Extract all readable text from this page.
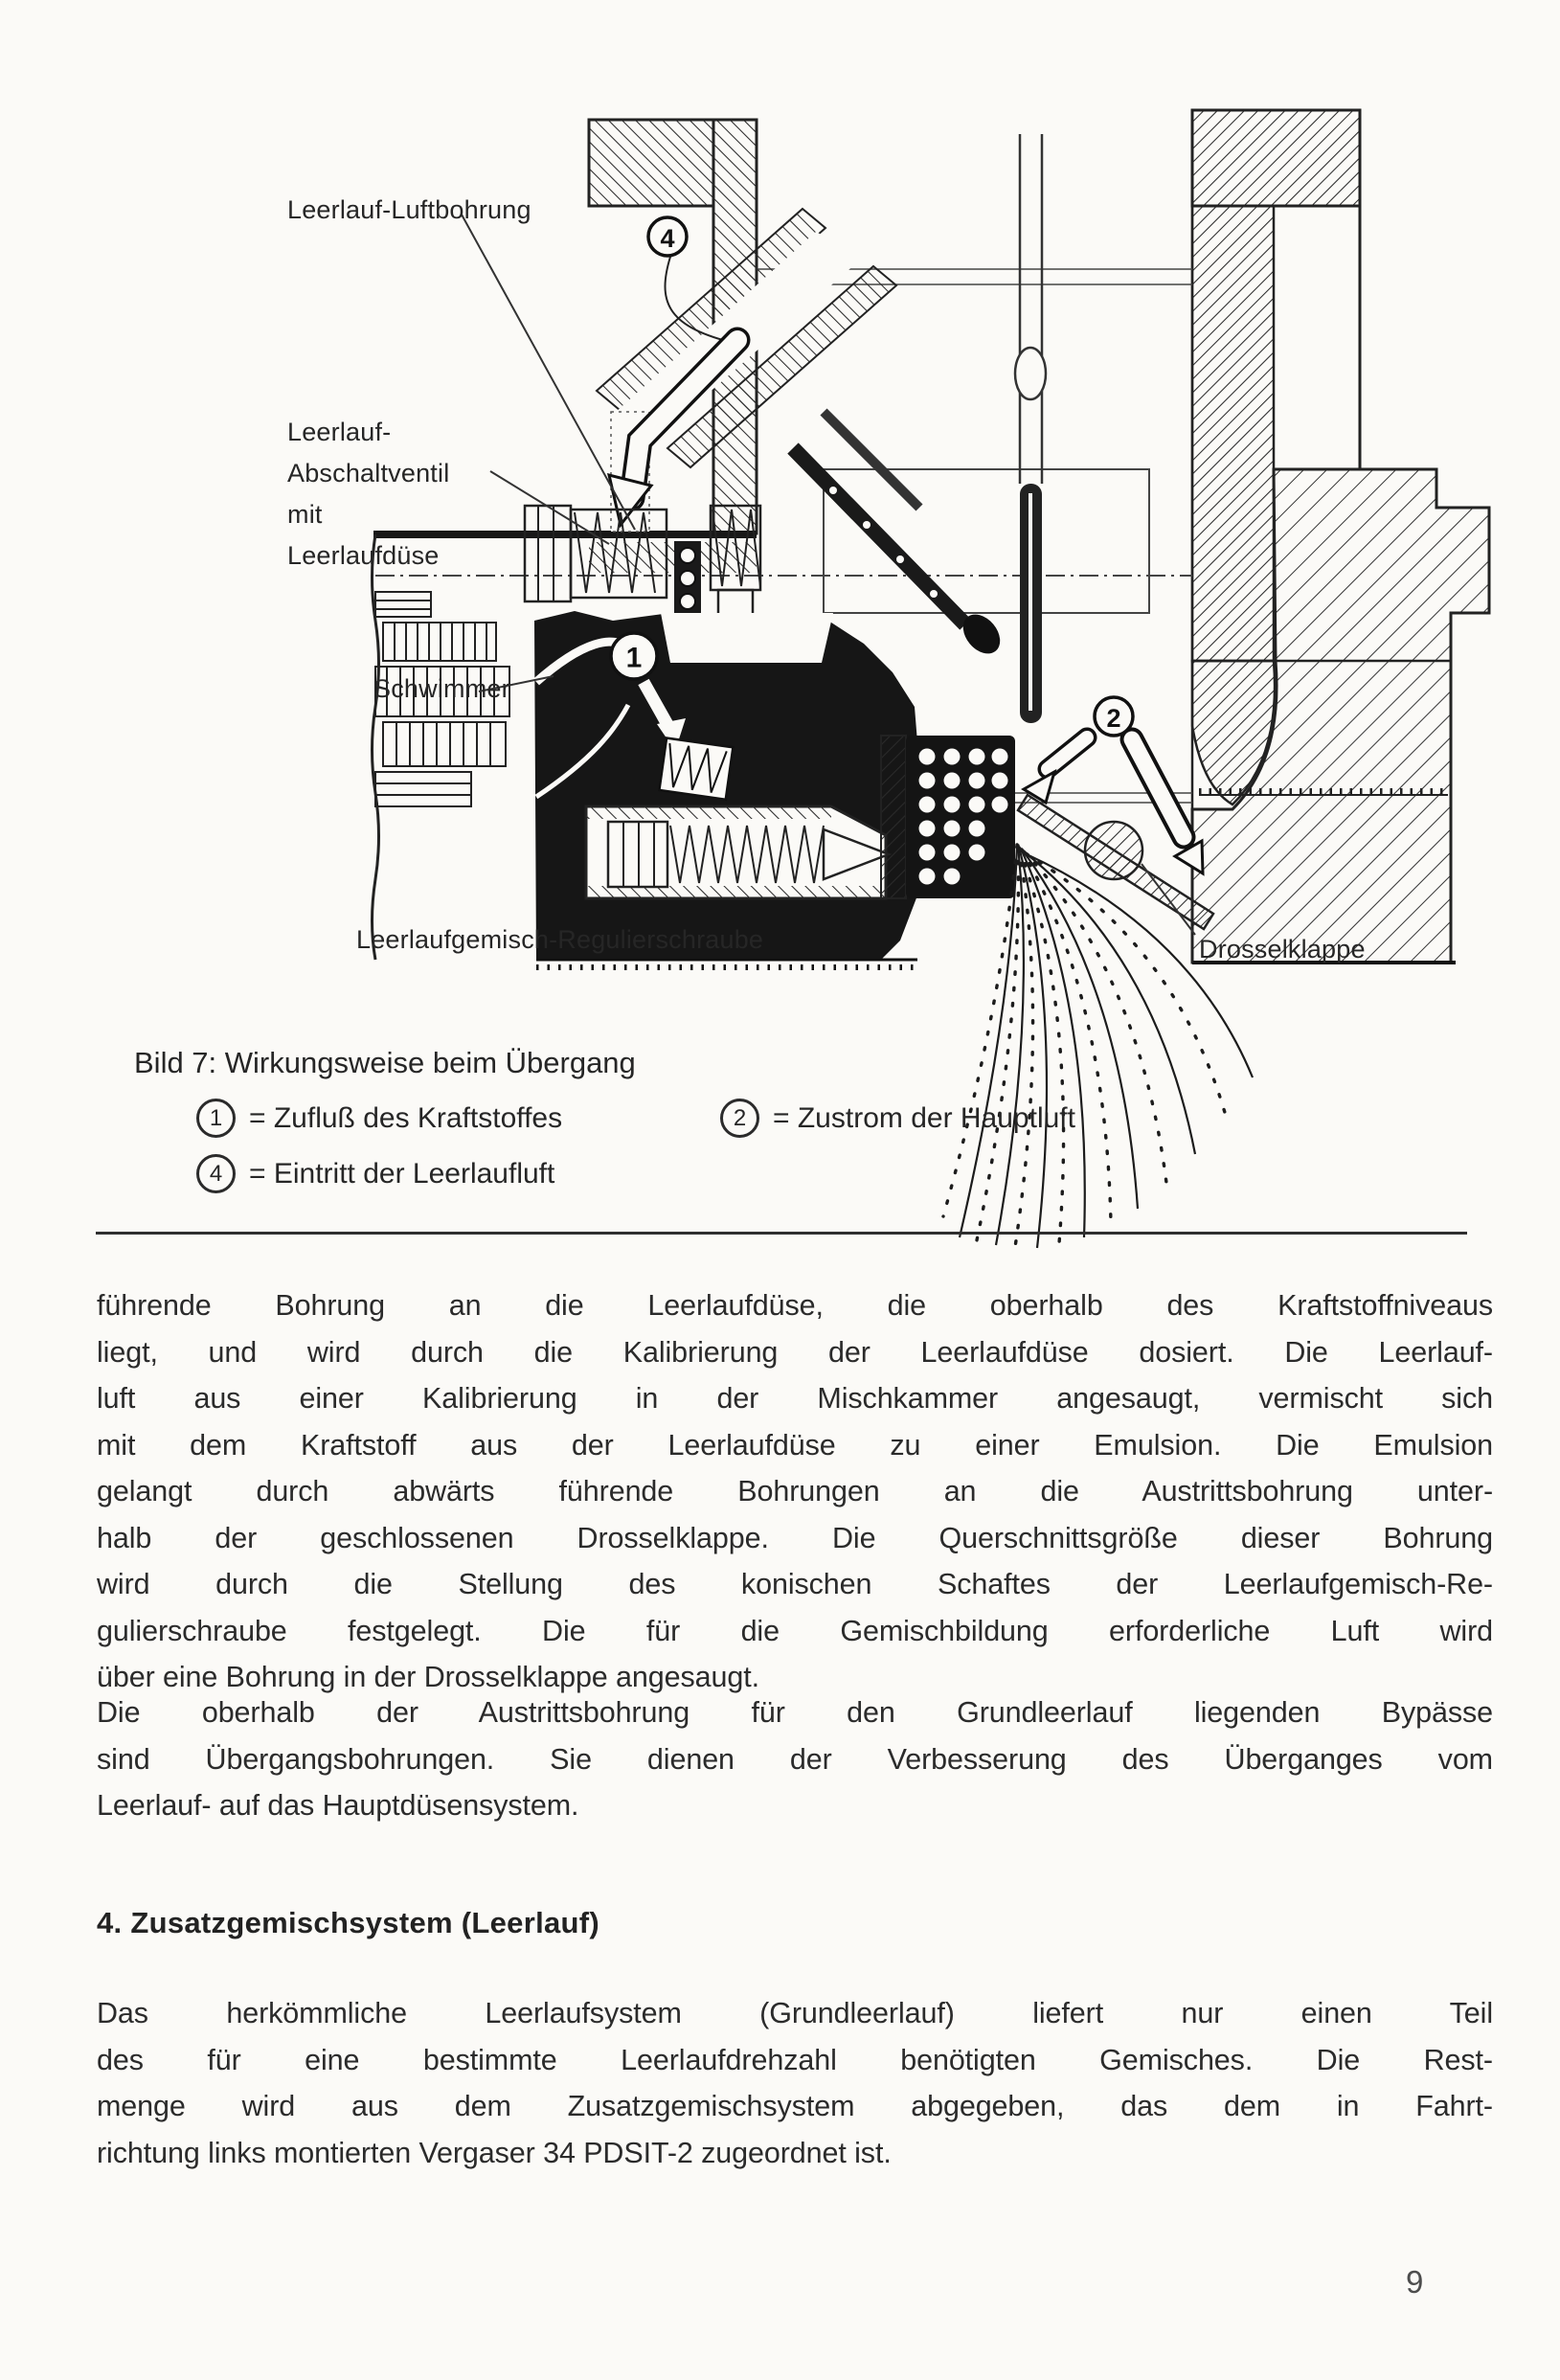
1
2
4
Leerlauf-Luftbohrung
Leerlauf-
Abschaltventil
mit
Leerlaufdüse
Schwimmer
Leerlaufgemisch-Regulierschraube	Drosselklappe
Bild 7: Wirkungsweise beim Übergang
1 = Zufluß des Kraftstoffes	2 = Zustrom der Hauptluft
4 = Eintritt der Leerlaufluft
führende Bohrung an die Leerlaufdüse, die oberhalb des Kraftstoffniveaus
liegt, und wird durch die Kalibrierung der Leerlaufdüse dosiert. Die Leerlauf-
luft aus einer Kalibrierung in der Mischkammer angesaugt, vermischt sich
mit dem Kraftstoff aus der Leerlaufdüse zu einer Emulsion. Die Emulsion
gelangt durch abwärts führende Bohrungen an die Austrittsbohrung unter-
halb der geschlossenen Drosselklappe. Die Querschnittsgröße dieser Bohrung
wird durch die Stellung des konischen Schaftes der Leerlaufgemisch-Re-
gulierschraube festgelegt. Die für die Gemischbildung erforderliche Luft wird
über eine Bohrung in der Drosselklappe angesaugt.
Die oberhalb der Austrittsbohrung für den Grundleerlauf liegenden Bypässe
sind Übergangsbohrungen. Sie dienen der Verbesserung des Überganges vom
Leerlauf- auf das Hauptdüsensystem.
4. Zusatzgemischsystem (Leerlauf)
Das herkömmliche Leerlaufsystem (Grundleerlauf) liefert nur einen Teil
des für eine bestimmte Leerlaufdrehzahl benötigten Gemisches. Die Rest-
menge wird aus dem Zusatzgemischsystem abgegeben, das dem in Fahrt-
richtung links montierten Vergaser 34 PDSIT-2 zugeordnet ist.
9
